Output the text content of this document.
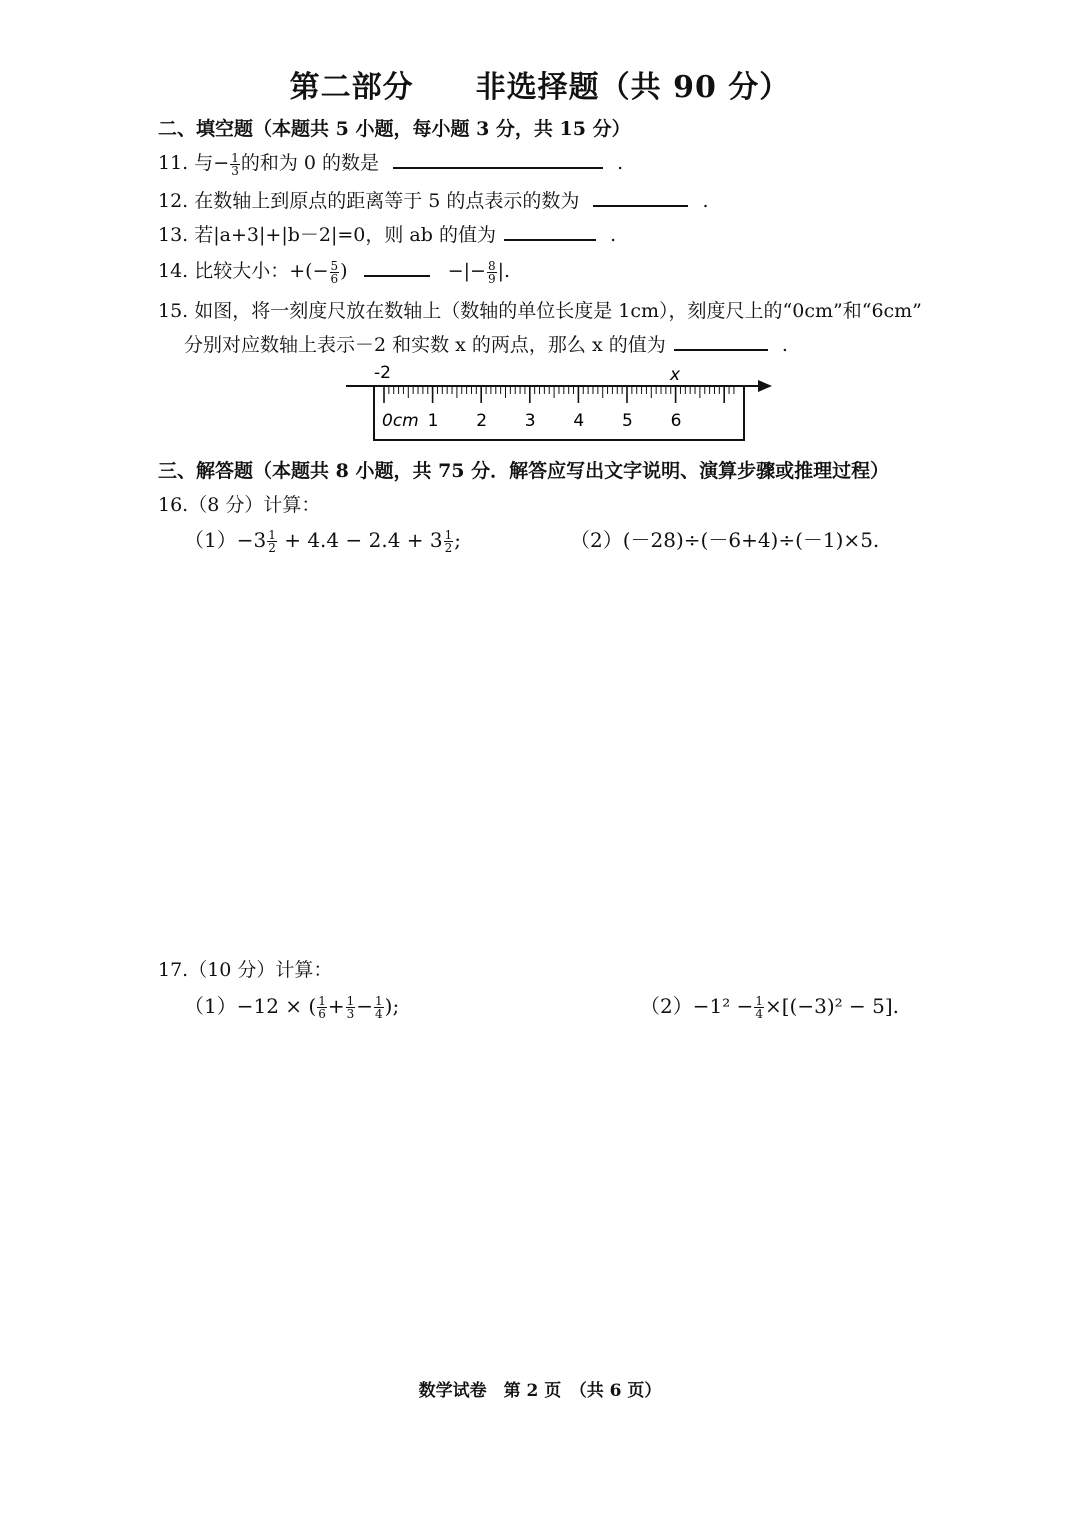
第二部分　　非选择题（共 90 分）
二、填空题（本题共 5 小题，每小题 3 分，共 15 分）
11. 与− $\frac{1}{3}$ 的和为 0 的数是	.
12. 在数轴上到原点的距离等于 5 的点表示的数为	.
13. 若|a+3|+|b－2|=0，则 ab 的值为	.
14. 比较大小：+(− $\frac{5}{6}$ )	−|− $\frac{8}{9}$ |.
15. 如图，将一刻度尺放在数轴上（数轴的单位长度是 1cm），刻度尺上的“0cm”和“6cm”
分别对应数轴上表示－2 和实数 x 的两点，那么 x 的值为	.
-2	x
0cm 1 2 3 4 5 6
三、解答题（本题共 8 小题，共 75 分．解答应写出文字说明、演算步骤或推理过程）
16.（8 分）计算：
$(1)-3 \frac{1}{2} + 4.4 - 2.4 + 3 \frac{1}{2}$ ;	（2）(－28)÷(－6+4)÷(－1)×5.
17.（10 分）计算：
（1）−12 × ( $\frac{1}{6} + \frac{1}{3} - \frac{1}{4}$ );	$(2)-1^2 - \frac{1}{4} \times[(-3)^2 - 5]$.
数学试卷　第 2 页　（共 6 页）
